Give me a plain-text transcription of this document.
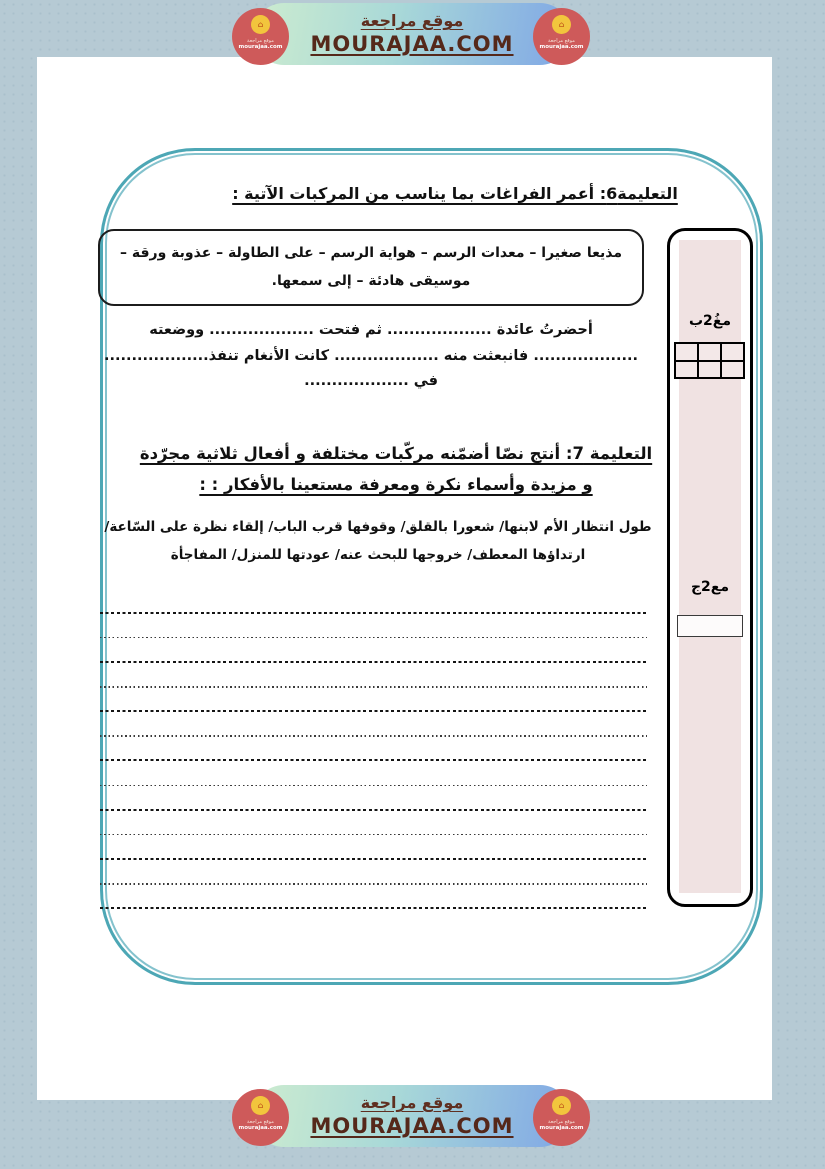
موقع مراجعة
MOURAJAA.COM
⌂
موقع مراجعة
mourajaa.com
⌂
موقع مراجعة
mourajaa.com
التعليمة6: أعمر الفراغات بما يناسب من المركبات الآتية :
مذيعا صغيرا – معدات الرسم – هواية الرسم – على الطاولة – عذوبة ورقة –
موسيقى هادئة – إلى سمعها.
أحضرتُ عائدة ................... ثم فتحت ................... ووضعته
................... فانبعثت منه ................... كانت الأنغام تنفذ...................
في ...................
التعليمة 7: أنتج نصّا أضمّنه مركّبات مختلفة و أفعال ثلاثية مجرّدة
و مزيدة وأسماء نكرة ومعرفة مستعينا بالأفكار : :
طول انتظار الأم لابنها/ شعورا بالقلق/ وقوفها قرب الباب/ إلقاء نظرة على السّاعة/
ارتداؤها المعطف/ خروجها للبحث عنه/ عودتها للمنزل/ المفاجأة
مغُ2ب
مع2ج
موقع مراجعة
MOURAJAA.COM
⌂
موقع مراجعة
mourajaa.com
⌂
موقع مراجعة
mourajaa.com
